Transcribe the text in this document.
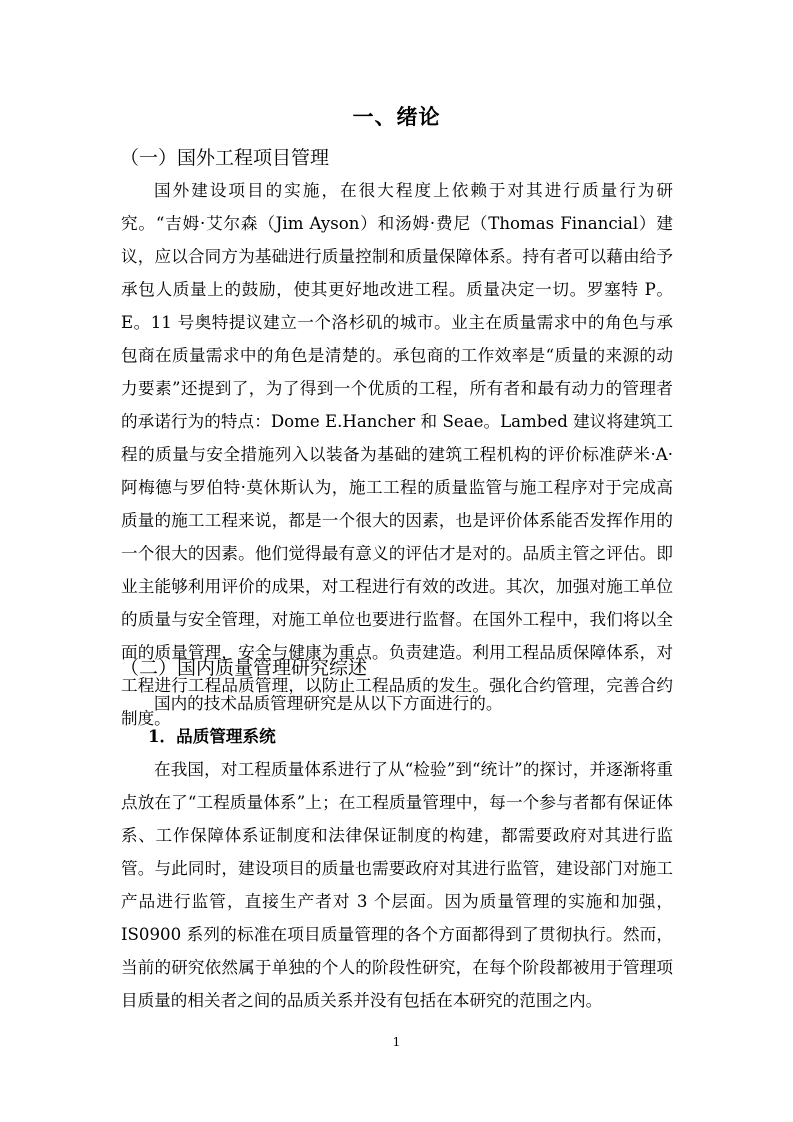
一、绪论
（一）国外工程项目管理

国外建设项目的实施，在很大程度上依赖于对其进行质量行为研究。“吉姆·艾尔森（Jim Ayson）和汤姆·费尼（Thomas Financial）建议，应以合同方为基础进行质量控制和质量保障体系。持有者可以藉由给予承包人质量上的鼓励，使其更好地改进工程。质量决定一切。罗塞特 P。E。11 号奥特提议建立一个洛杉矶的城市。业主在质量需求中的角色与承包商在质量需求中的角色是清楚的。承包商的工作效率是“质量的来源的动力要素”还提到了，为了得到一个优质的工程，所有者和最有动力的管理者的承诺行为的特点：Dome E.Hancher 和 Seae。Lambed 建议将建筑工程的质量与安全措施列入以装备为基础的建筑工程机构的评价标准萨米·A·阿梅德与罗伯特·莫休斯认为，施工工程的质量监管与施工程序对于完成高质量的施工工程来说，都是一个很大的因素，也是评价体系能否发挥作用的一个很大的因素。他们觉得最有意义的评估才是对的。品质主管之评估。即业主能够利用评价的成果，对工程进行有效的改进。其次，加强对施工单位的质量与安全管理，对施工单位也要进行监督。在国外工程中，我们将以全面的质量管理，安全与健康为重点。负责建造。利用工程品质保障体系，对工程进行工程品质管理，以防止工程品质的发生。强化合约管理，完善合约制度。

（二）国内质量管理研究综述

国内的技术品质管理研究是从以下方面进行的。

1．品质管理系统

在我国，对工程质量体系进行了从“检验”到“统计”的探讨，并逐渐将重点放在了“工程质量体系”上；在工程质量管理中，每一个参与者都有保证体系、工作保障体系证制度和法律保证制度的构建，都需要政府对其进行监管。与此同时，建设项目的质量也需要政府对其进行监管，建设部门对施工产品进行监管，直接生产者对 3 个层面。因为质量管理的实施和加强，IS0900 系列的标准在项目质量管理的各个方面都得到了贯彻执行。然而，当前的研究依然属于单独的个人的阶段性研究，在每个阶段都被用于管理项目质量的相关者之间的品质关系并没有包括在本研究的范围之内。

1
